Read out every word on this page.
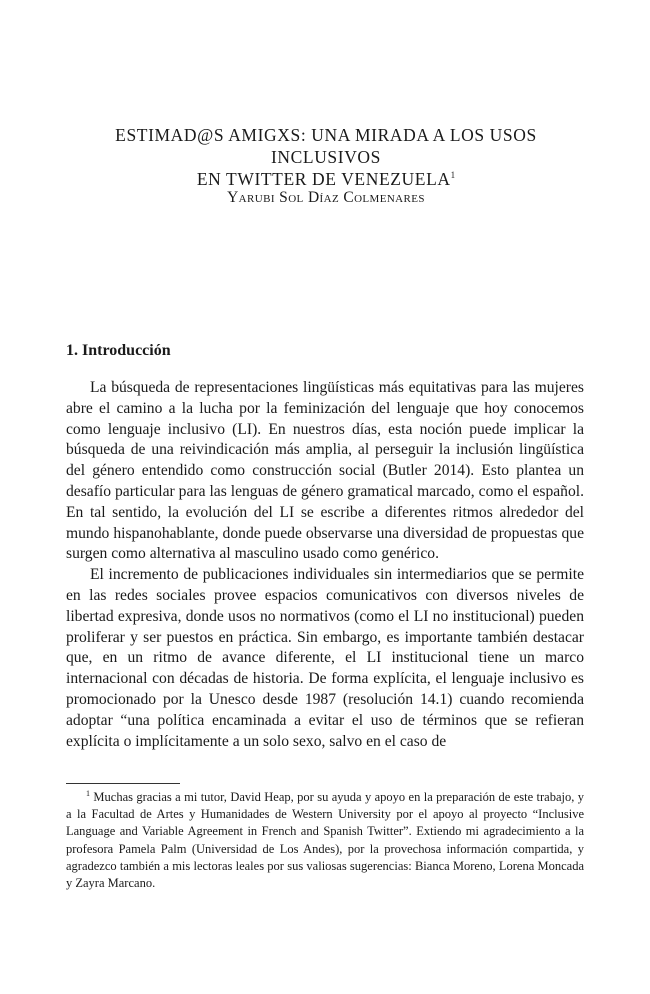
ESTIMAD@S AMIGXS: UNA MIRADA A LOS USOS INCLUSIVOS
EN TWITTER DE VENEZUELA$^1$
Yarubi Sol Díaz Colmenares
1. Introducción

La búsqueda de representaciones lingüísticas más equitativas para las mujeres abre el camino a la lucha por la feminización del lenguaje que hoy conocemos como lenguaje inclusivo (LI). En nuestros días, esta noción puede implicar la búsqueda de una reivindicación más amplia, al perseguir la inclusión lingüística del género entendido como construcción social (Butler 2014). Esto plantea un desafío particular para las lenguas de género gramatical marcado, como el español. En tal sentido, la evolución del LI se escribe a diferentes ritmos alrededor del mundo hispanohablante, donde puede observarse una diversidad de propuestas que surgen como alternativa al masculino usado como genérico.

El incremento de publicaciones individuales sin intermediarios que se permite en las redes sociales provee espacios comunicativos con diversos niveles de libertad expresiva, donde usos no normativos (como el LI no institucional) pueden proliferar y ser puestos en práctica. Sin embargo, es importante también destacar que, en un ritmo de avance diferente, el LI institucional tiene un marco internacional con décadas de historia. De forma explícita, el lenguaje inclusivo es promocionado por la Unesco desde 1987 (resolución 14.1) cuando recomienda adoptar “una política encaminada a evitar el uso de términos que se refieran explícita o implícitamente a un solo sexo, salvo en el caso de

$^1$ Muchas gracias a mi tutor, David Heap, por su ayuda y apoyo en la preparación de este trabajo, y a la Facultad de Artes y Humanidades de Western University por el apoyo al proyecto “Inclusive Language and Variable Agreement in French and Spanish Twitter”. Extiendo mi agradecimiento a la profesora Pamela Palm (Universidad de Los Andes), por la provechosa información compartida, y agradezco también a mis lectoras leales por sus valiosas sugerencias: Bianca Moreno, Lorena Moncada y Zayra Marcano.
